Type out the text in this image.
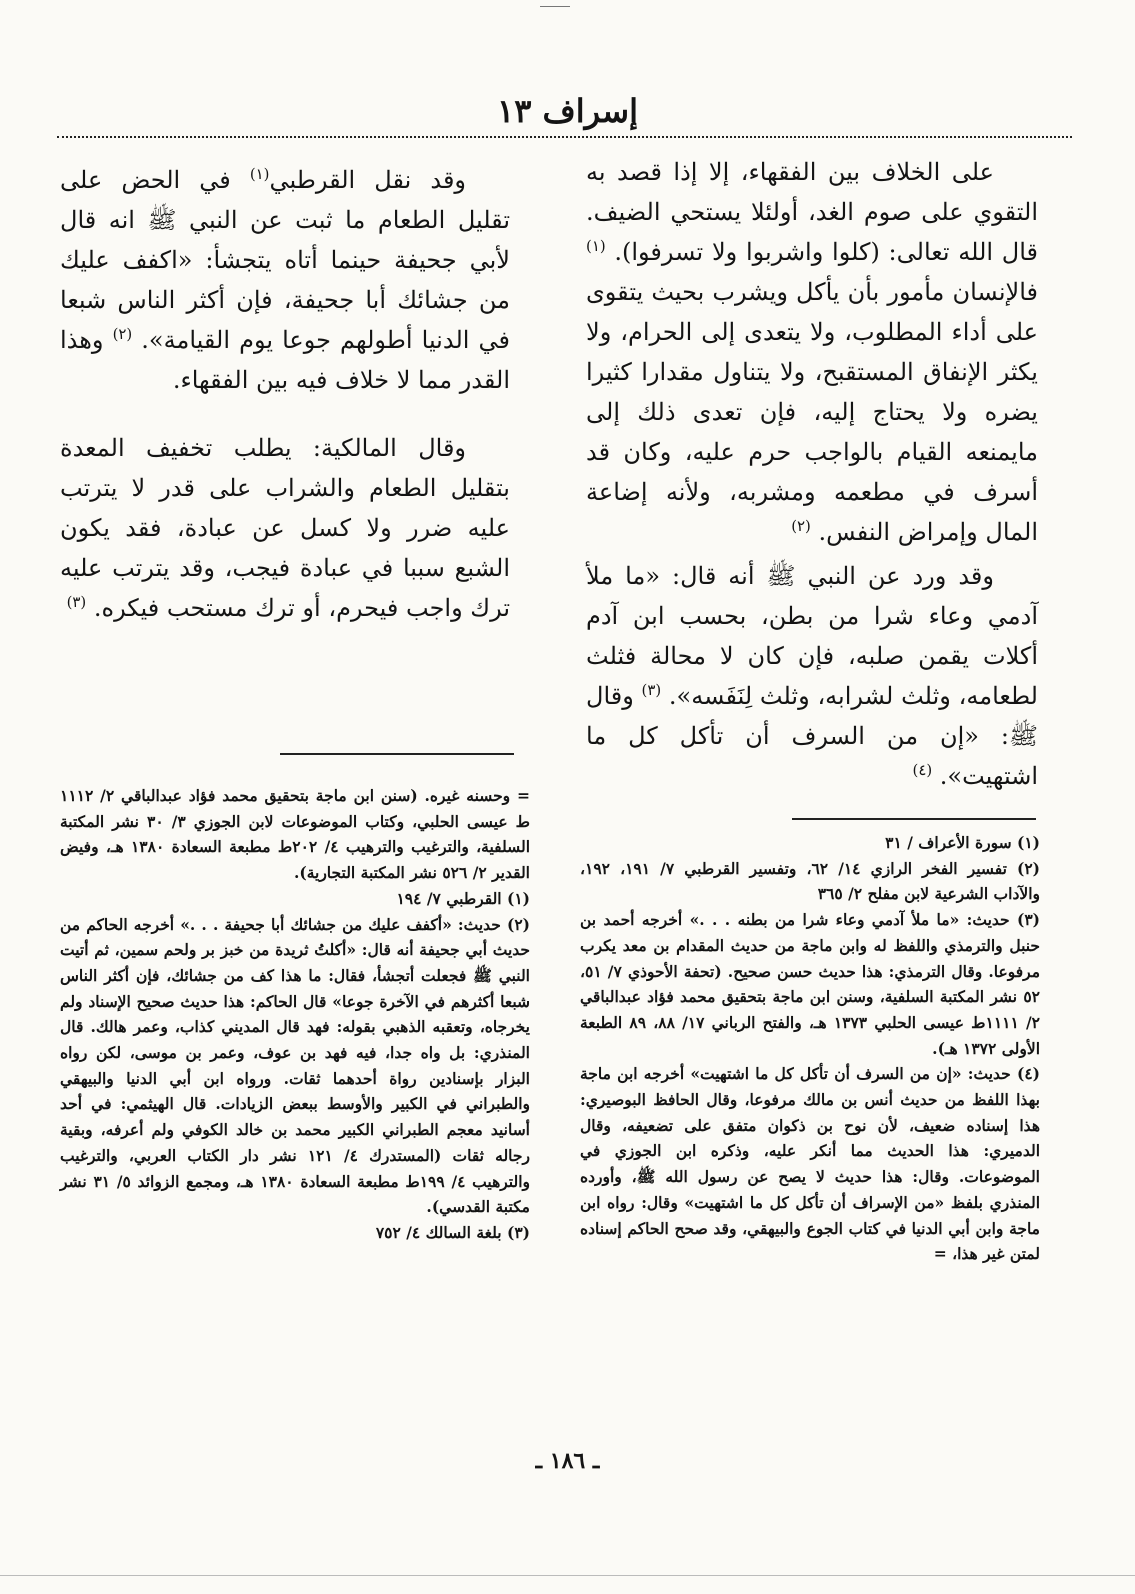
إسراف ١٣

على الخلاف بين الفقهاء، إلا إذا قصد به التقوي على صوم الغد، أولئلا يستحي الضيف. قال الله تعالى: (كلوا واشربوا ولا تسرفوا). $^{(١)}$ فالإنسان مأمور بأن يأكل ويشرب بحيث يتقوى على أداء المطلوب، ولا يتعدى إلى الحرام، ولا يكثر الإنفاق المستقبح، ولا يتناول مقدارا كثيرا يضره ولا يحتاج إليه، فإن تعدى ذلك إلى مايمنعه القيام بالواجب حرم عليه، وكان قد أسرف في مطعمه ومشربه، ولأنه إضاعة المال وإمراض النفس. $^{(٢)}$

وقد ورد عن النبي ﷺ أنه قال: «ما ملأ آدمي وعاء شرا من بطن، بحسب ابن آدم أكلات يقمن صلبه، فإن كان لا محالة فثلث لطعامه، وثلث لشرابه، وثلث لِنَفَسه». $^{(٣)}$ وقال ﷺ: «إن من السرف أن تأكل كل ما اشتهيت». $^{(٤)}$

وقد نقل القرطبي$^{(١)}$ في الحض على تقليل الطعام ما ثبت عن النبي ﷺ انه قال لأبي جحيفة حينما أتاه يتجشأ: «اكفف عليك من جشائك أبا جحيفة، فإن أكثر الناس شبعا في الدنيا أطولهم جوعا يوم القيامة». $^{(٢)}$ وهذا القدر مما لا خلاف فيه بين الفقهاء.

وقال المالكية: يطلب تخفيف المعدة بتقليل الطعام والشراب على قدر لا يترتب عليه ضرر ولا كسل عن عبادة، فقد يكون الشبع سببا في عبادة فيجب، وقد يترتب عليه ترك واجب فيحرم، أو ترك مستحب فيكره. $^{(٣)}$

= وحسنه غيره. (سنن ابن ماجة بتحقيق محمد فؤاد عبدالباقي ٢/ ١١١٢ ط عيسى الحلبي، وكتاب الموضوعات لابن الجوزي ٣/ ٣٠ نشر المكتبة السلفية، والترغيب والترهيب ٤/ ٢٠٢ط مطبعة السعادة ١٣٨٠ هـ، وفيض القدير ٢/ ٥٢٦ نشر المكتبة التجارية).

(١) القرطبي ٧/ ١٩٤

(٢) حديث: «أكفف عليك من جشائك أبا جحيفة . . .» أخرجه الحاكم من حديث أبي جحيفة أنه قال: «أكلتُ ثريدة من خبز بر ولحم سمين، ثم أتيت النبي ﷺ فجعلت أتجشأ، فقال: ما هذا كف من جشائك، فإن أكثر الناس شبعا أكثرهم في الآخرة جوعا» قال الحاكم: هذا حديث صحيح الإسناد ولم يخرجاه، وتعقبه الذهبي بقوله: فهد قال المديني كذاب، وعمر هالك. قال المنذري: بل واه جدا، فيه فهد بن عوف، وعمر بن موسى، لكن رواه البزار بإسنادين رواة أحدهما ثقات. ورواه ابن أبي الدنيا والبيهقي والطبراني في الكبير والأوسط ببعض الزيادات. قال الهيثمي: في أحد أسانيد معجم الطبراني الكبير محمد بن خالد الكوفي ولم أعرفه، وبقية رجاله ثقات (المستدرك ٤/ ١٢١ نشر دار الكتاب العربي، والترغيب والترهيب ٤/ ١٩٩ط مطبعة السعادة ١٣٨٠ هـ، ومجمع الزوائد ٥/ ٣١ نشر مكتبة القدسي).

(٣) بلغة السالك ٤/ ٧٥٢

(١) سورة الأعراف / ٣١

(٢) تفسير الفخر الرازي ١٤/ ٦٢، وتفسير القرطبي ٧/ ١٩١، ١٩٢، والآداب الشرعية لابن مفلح ٢/ ٣٦٥

(٣) حديث: «ما ملأ آدمي وعاء شرا من بطنه . . .» أخرجه أحمد بن حنبل والترمذي واللفظ له وابن ماجة من حديث المقدام بن معد يكرب مرفوعا. وقال الترمذي: هذا حديث حسن صحيح. (تحفة الأحوذي ٧/ ٥١، ٥٢ نشر المكتبة السلفية، وسنن ابن ماجة بتحقيق محمد فؤاد عبدالباقي ٢/ ١١١١ط عيسى الحلبي ١٣٧٣ هـ، والفتح الرباني ١٧/ ٨٨، ٨٩ الطبعة الأولى ١٣٧٢ هـ).

(٤) حديث: «إن من السرف أن تأكل كل ما اشتهيت» أخرجه ابن ماجة بهذا اللفظ من حديث أنس بن مالك مرفوعا، وقال الحافظ البوصيري: هذا إسناده ضعيف، لأن نوح بن ذكوان متفق على تضعيفه، وقال الدميري: هذا الحديث مما أنكر عليه، وذكره ابن الجوزي في الموضوعات. وقال: هذا حديث لا يصح عن رسول الله ﷺ، وأورده المنذري بلفظ «من الإسراف أن تأكل كل ما اشتهيت» وقال: رواه ابن ماجة وابن أبي الدنيا في كتاب الجوع والبيهقي، وقد صحح الحاكم إسناده لمتن غير هذا، =

ـ ١٨٦ ـ
